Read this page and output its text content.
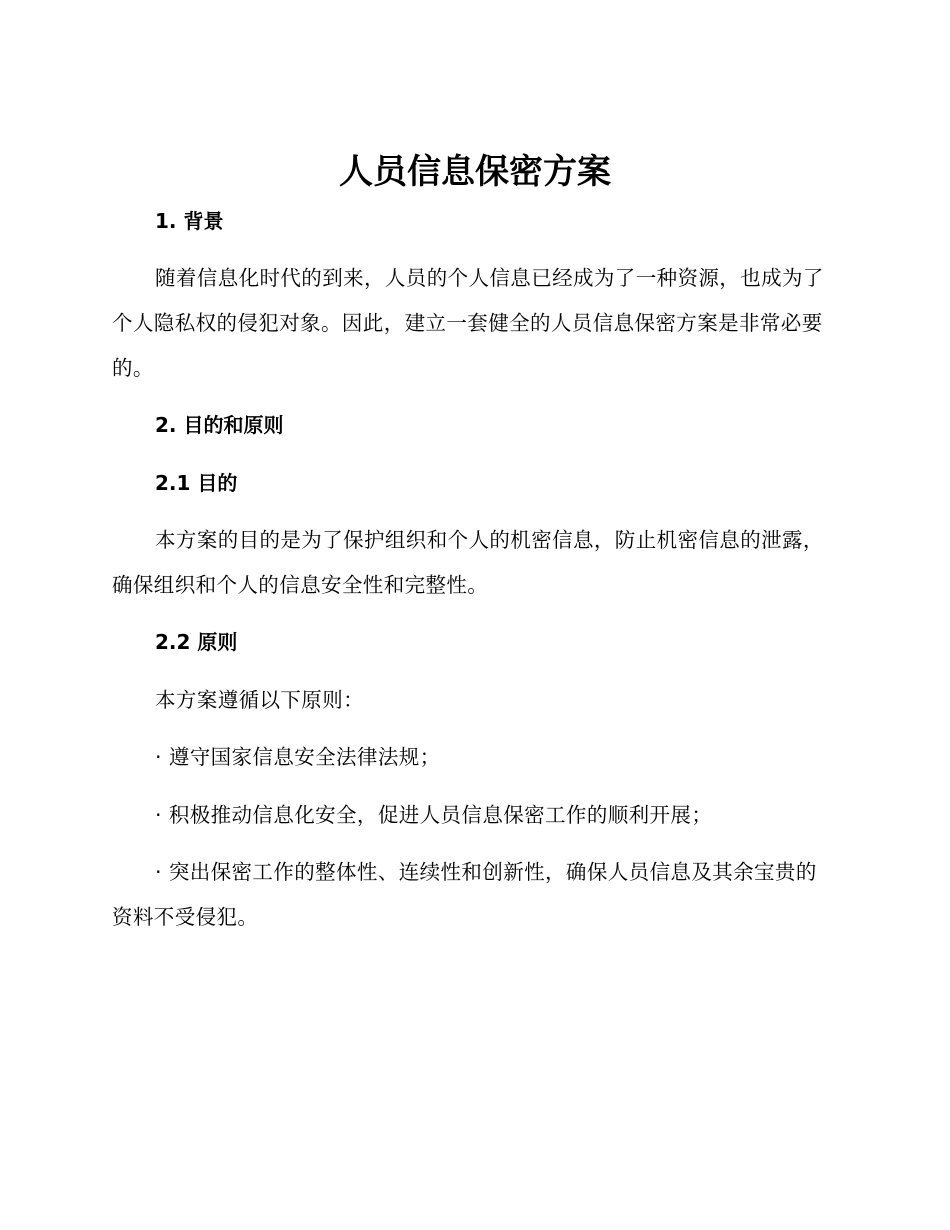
人员信息保密方案
1. 背景

随着信息化时代的到来，人员的个人信息已经成为了一种资源，也成为了个人隐私权的侵犯对象。因此，建立一套健全的人员信息保密方案是非常必要的。

2. 目的和原则
2.1 目的

本方案的目的是为了保护组织和个人的机密信息，防止机密信息的泄露，确保组织和个人的信息安全性和完整性。

2.2 原则

本方案遵循以下原则：

· 遵守国家信息安全法律法规；

· 积极推动信息化安全，促进人员信息保密工作的顺利开展；

· 突出保密工作的整体性、连续性和创新性，确保人员信息及其余宝贵的资料不受侵犯。
